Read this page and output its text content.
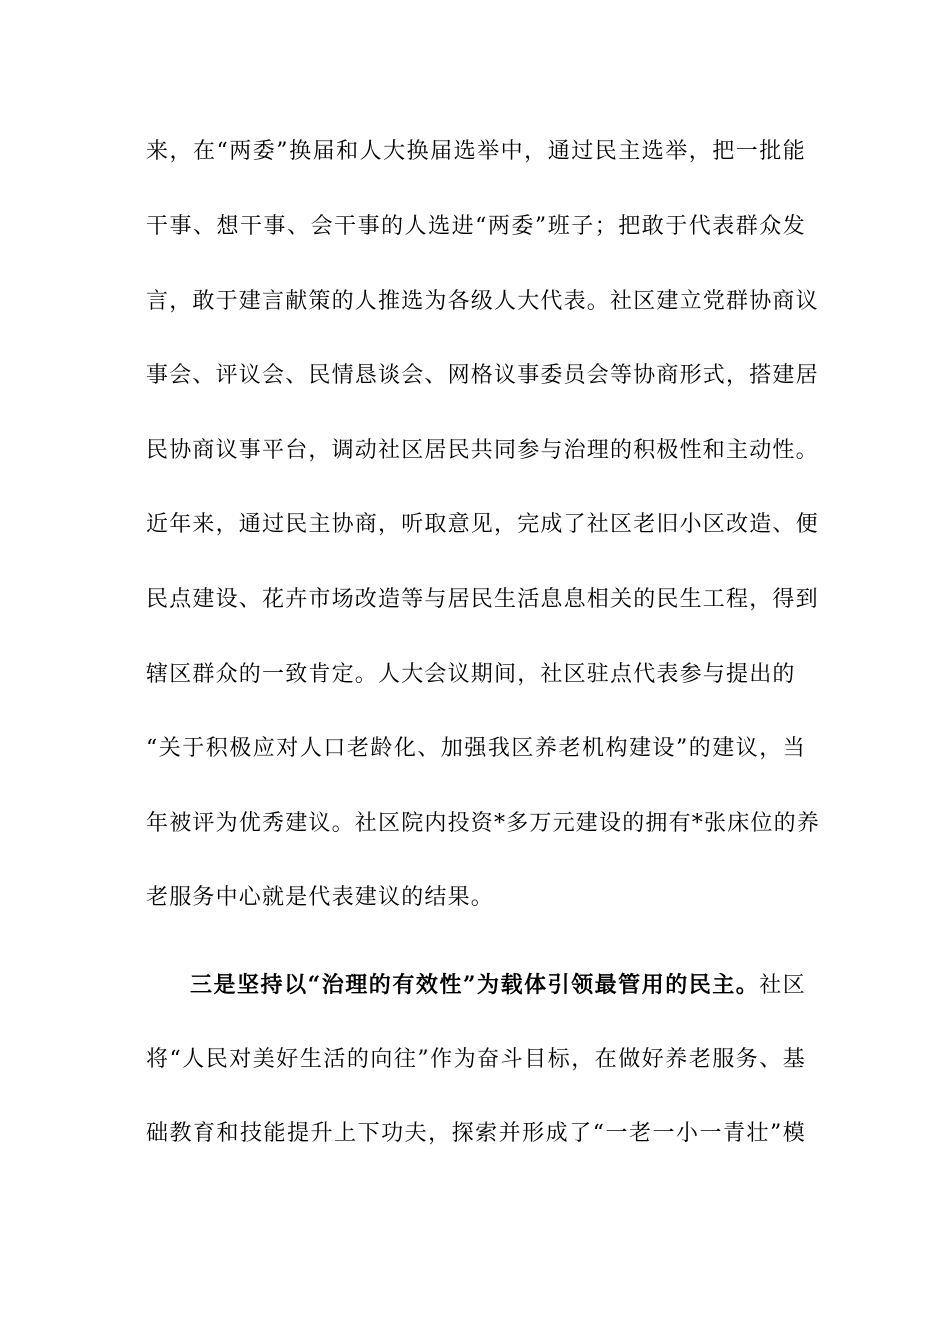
来，在“两委”换届和人大换届选举中，通过民主选举，把一批能
干事、想干事、会干事的人选进“两委”班子；把敢于代表群众发
言，敢于建言献策的人推选为各级人大代表。社区建立党群协商议
事会、评议会、民情恳谈会、网格议事委员会等协商形式，搭建居
民协商议事平台，调动社区居民共同参与治理的积极性和主动性。
近年来，通过民主协商，听取意见，完成了社区老旧小区改造、便
民点建设、花卉市场改造等与居民生活息息相关的民生工程，得到
辖区群众的一致肯定。人大会议期间，社区驻点代表参与提出的
“关于积极应对人口老龄化、加强我区养老机构建设”的建议，当
年被评为优秀建议。社区院内投资*多万元建设的拥有*张床位的养
老服务中心就是代表建议的结果。
三是坚持以“治理的有效性”为载体引领最管用的民主。社区
将“人民对美好生活的向往”作为奋斗目标，在做好养老服务、基
础教育和技能提升上下功夫，探索并形成了“一老一小一青壮”模
